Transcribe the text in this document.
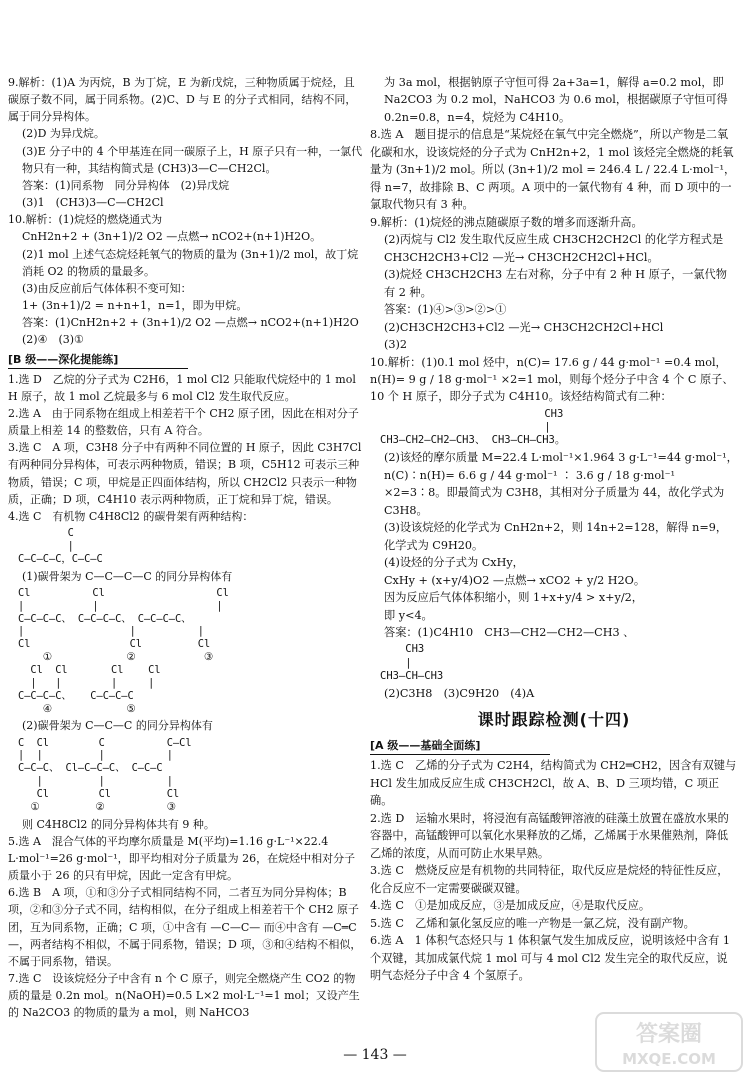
9.解析：(1)A 为丙烷，B 为丁烷，E 为新戊烷，三种物质属于烷烃，且碳原子数不同，属于同系物。(2)C、D 与 E 的分子式相同，结构不同，属于同分异构体。

(2)D 为异戊烷。

(3)E 分子中的 4 个甲基连在同一碳原子上，H 原子只有一种，一氯代物只有一种，其结构简式是 (CH3)3—C—CH2Cl。

答案：(1)同系物　同分异构体　(2)异戊烷

(3)1　(CH3)3—C—CH2Cl

10.解析：(1)烷烃的燃烧通式为

CnH2n+2 + (3n+1)/2 O2 —点燃→ nCO2+(n+1)H2O。

(2)1 mol 上述气态烷烃耗氧气的物质的量为 (3n+1)/2 mol，故丁烷消耗 O2 的物质的量最多。

(3)由反应前后气体体积不变可知：

1+ (3n+1)/2 = n+n+1，n=1，即为甲烷。

答案：(1)CnH2n+2 + (3n+1)/2 O2 —点燃→ nCO2+(n+1)H2O

(2)④　(3)①

[B 级——深化提能练]

1.选 D　乙烷的分子式为 C2H6，1 mol Cl2 只能取代烷烃中的 1 mol H 原子，故 1 mol 乙烷最多与 6 mol Cl2 发生取代反应。

2.选 A　由于同系物在组成上相差若干个 CH2 原子团，因此在相对分子质量上相差 14 的整数倍，只有 A 符合。

3.选 C　A 项，C3H8 分子中有两种不同位置的 H 原子，因此 C3H7Cl 有两种同分异构体，可表示两种物质，错误；B 项，C5H12 可表示三种物质，错误；C 项，甲烷是正四面体结构，所以 CH2Cl2 只表示一种物质，正确；D 项，C4H10 表示两种物质，正丁烷和异丁烷，错误。

4.选 C　有机物 C4H8Cl2 的碳骨架有两种结构：

C
|
C—C—C—C，C—C—C

(1)碳骨架为 C—C—C—C 的同分异构体有

Cl          Cl                  Cl
|           |                   |
C—C—C—C、 C—C—C—C、 C—C—C—C、
|                 |          |
Cl                Cl         Cl
①            ②           ③
Cl  Cl       Cl    Cl
|   |        |     |
C—C—C—C、   C—C—C—C
④            ⑤

(2)碳骨架为 C—C—C 的同分异构体有

C  Cl        C          C—Cl
|  |         |          |
C—C—C、 Cl—C—C—C、 C—C—C
|         |          |
Cl        Cl         Cl
①         ②          ③

则 C4H8Cl2 的同分异构体共有 9 种。

5.选 A　混合气体的平均摩尔质量是 M(平均)=1.16 g·L⁻¹×22.4 L·mol⁻¹=26 g·mol⁻¹，即平均相对分子质量为 26，在烷烃中相对分子质量小于 26 的只有甲烷，因此一定含有甲烷。

6.选 B　A 项，①和③分子式相同结构不同，二者互为同分异构体；B 项，②和③分子式不同，结构相似，在分子组成上相差若干个 CH2 原子团，互为同系物，正确；C 项，①中含有 —C—C— 而④中含有 —C═C—，两者结构不相似，不属于同系物，错误；D 项，③和④结构不相似，不属于同系物，错误。

7.选 C　设该烷烃分子中含有 n 个 C 原子，则完全燃烧产生 CO2 的物质的量是 0.2n mol。n(NaOH)=0.5 L×2 mol·L⁻¹=1 mol；又设产生的 Na2CO3 的物质的量为 a mol，则 NaHCO3

为 3a mol，根据钠原子守恒可得 2a+3a=1，解得 a=0.2 mol，即 Na2CO3 为 0.2 mol，NaHCO3 为 0.6 mol，根据碳原子守恒可得 0.2n=0.8，n=4，烷烃为 C4H10。

8.选 A　题目提示的信息是“某烷烃在氧气中完全燃烧”，所以产物是二氧化碳和水，设该烷烃的分子式为 CnH2n+2，1 mol 该烃完全燃烧的耗氧量为 (3n+1)/2 mol。所以 (3n+1)/2 mol = 246.4 L / 22.4 L·mol⁻¹，得 n=7，故排除 B、C 两项。A 项中的一氯代物有 4 种，而 D 项中的一氯取代物只有 3 种。

9.解析：(1)烷烃的沸点随碳原子数的增多而逐渐升高。

(2)丙烷与 Cl2 发生取代反应生成 CH3CH2CH2Cl 的化学方程式是 CH3CH2CH3+Cl2 —光→ CH3CH2CH2Cl+HCl。

(3)烷烃 CH3CH2CH3 左右对称，分子中有 2 种 H 原子，一氯代物有 2 种。

答案：(1)④>③>②>①

(2)CH3CH2CH3+Cl2 —光→ CH3CH2CH2Cl+HCl

(3)2

10.解析：(1)0.1 mol 烃中，n(C)= 17.6 g / 44 g·mol⁻¹ =0.4 mol，n(H)= 9 g / 18 g·mol⁻¹ ×2=1 mol，则每个烃分子中含 4 个 C 原子、10 个 H 原子，即分子式为 C4H10。该烃结构简式有二种：

CH3
|
CH3—CH2—CH2—CH3、 CH3—CH—CH3。

(2)该烃的摩尔质量 M=22.4 L·mol⁻¹×1.964 3 g·L⁻¹=44 g·mol⁻¹，n(C)∶n(H)= 6.6 g / 44 g·mol⁻¹ ∶ 3.6 g / 18 g·mol⁻¹ ×2=3∶8。即最简式为 C3H8，其相对分子质量为 44，故化学式为 C3H8。

(3)设该烷烃的化学式为 CnH2n+2，则 14n+2=128，解得 n=9，化学式为 C9H20。

(4)设烃的分子式为 CxHy，

CxHy + (x+y/4)O2 —点燃→ xCO2 + y/2 H2O。

因为反应后气体体积缩小，则 1+x+y/4 > x+y/2，

即 y<4。

答案：(1)C4H10　CH3—CH2—CH2—CH3 、

CH3
|
CH3—CH—CH3

(2)C3H8　(3)C9H20　(4)A

课时跟踪检测(十四)
[A 级——基础全面练]

1.选 C　乙烯的分子式为 C2H4，结构简式为 CH2═CH2，因含有双键与 HCl 发生加成反应生成 CH3CH2Cl，故 A、B、D 三项均错，C 项正确。

2.选 D　运输水果时，将浸泡有高锰酸钾溶液的硅藻土放置在盛放水果的容器中，高锰酸钾可以氧化水果释放的乙烯，乙烯属于水果催熟剂，降低乙烯的浓度，从而可防止水果早熟。

3.选 C　燃烧反应是有机物的共同特征，取代反应是烷烃的特征性反应，化合反应不一定需要碳碳双键。

4.选 C　①是加成反应，③是加成反应，④是取代反应。

5.选 C　乙烯和氯化氢反应的唯一产物是一氯乙烷，没有副产物。

6.选 A　1 体积气态烃只与 1 体积氯气发生加成反应，说明该烃中含有 1 个双键，其加成氯代烷 1 mol 可与 4 mol Cl2 发生完全的取代反应，说明气态烃分子中含 4 个氢原子。

— 143 —
答案圈
MXQE.COM
